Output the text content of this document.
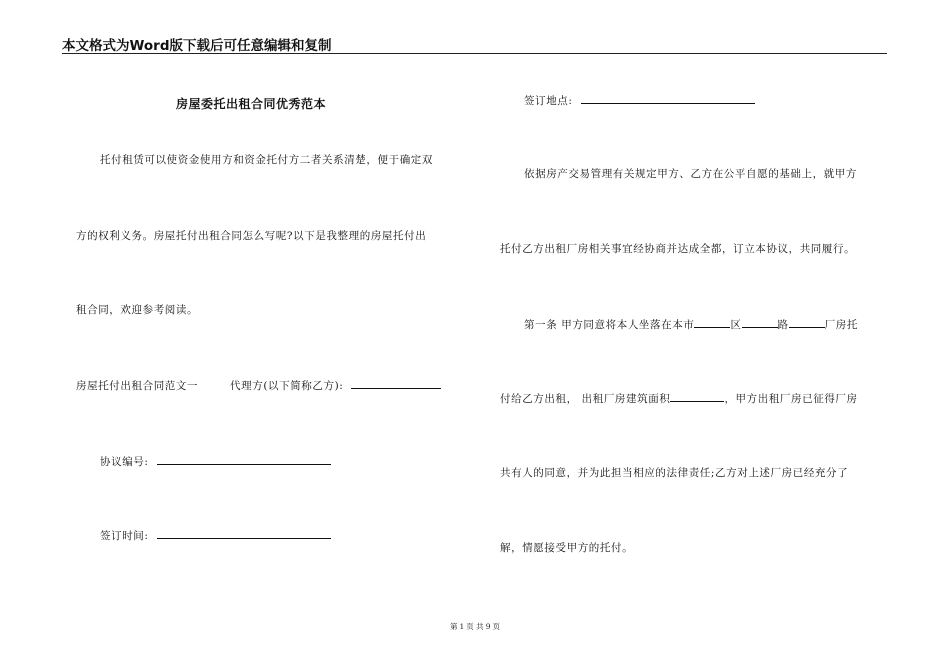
本文格式为Word版下载后可任意编辑和复制
房屋委托出租合同优秀范本
托付租赁可以使资金使用方和资金托付方二者关系清楚，便于确定双
方的权利义务。房屋托付出租合同怎么写呢?以下是我整理的房屋托付出
租合同，欢迎参考阅读。
房屋托付出租合同范文一	代理方(以下简称乙方):
协议编号:
签订时间:
签订地点:
依据房产交易管理有关规定甲方、乙方在公平自愿的基础上，就甲方
托付乙方出租厂房相关事宜经协商并达成全都，订立本协议，共同履行。
第一条 甲方同意将本人坐落在本市	区	路	厂房托
付给乙方出租， 出租厂房建筑面积	，甲方出租厂房已征得厂房
共有人的同意，并为此担当相应的法律责任;乙方对上述厂房已经充分了
解，情愿接受甲方的托付。
第 1 页 共 9 页
